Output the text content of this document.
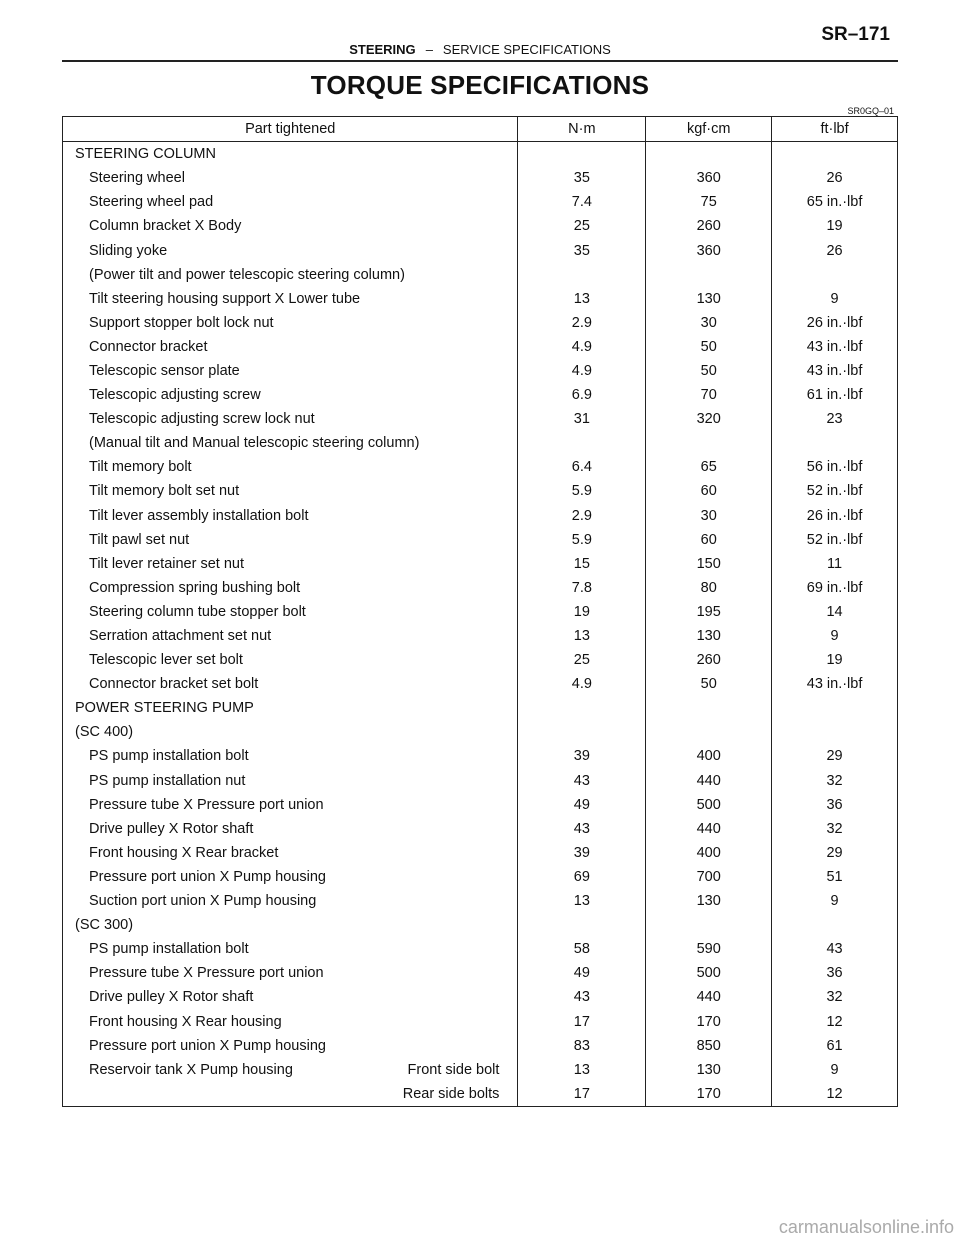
STEERING – SERVICE SPECIFICATIONS
SR–171
TORQUE SPECIFICATIONS
SR0GQ–01
Part tightened	N·m	kgf·cm	ft·lbf
STEERING COLUMN			
Steering wheel	35	360	26
Steering wheel pad	7.4	75	65 in.·lbf
Column bracket X Body	25	260	19
Sliding yoke	35	360	26
(Power tilt and power telescopic steering column)			
Tilt steering housing support X Lower tube	13	130	9
Support stopper bolt lock nut	2.9	30	26 in.·lbf
Connector bracket	4.9	50	43 in.·lbf
Telescopic sensor plate	4.9	50	43 in.·lbf
Telescopic adjusting screw	6.9	70	61 in.·lbf
Telescopic adjusting screw lock nut	31	320	23
(Manual tilt and Manual telescopic steering column)			
Tilt memory bolt	6.4	65	56 in.·lbf
Tilt memory bolt set nut	5.9	60	52 in.·lbf
Tilt lever assembly installation bolt	2.9	30	26 in.·lbf
Tilt pawl set nut	5.9	60	52 in.·lbf
Tilt lever retainer set nut	15	150	11
Compression spring bushing bolt	7.8	80	69 in.·lbf
Steering column tube stopper bolt	19	195	14
Serration attachment set nut	13	130	9
Telescopic lever set bolt	25	260	19
Connector bracket set bolt	4.9	50	43 in.·lbf
POWER STEERING PUMP			
(SC 400)			
PS pump installation bolt	39	400	29
PS pump installation nut	43	440	32
Pressure tube X Pressure port union	49	500	36
Drive pulley X Rotor shaft	43	440	32
Front housing X Rear bracket	39	400	29
Pressure port union X Pump housing	69	700	51
Suction port union X Pump housing	13	130	9
(SC 300)			
PS pump installation bolt	58	590	43
Pressure tube X Pressure port union	49	500	36
Drive pulley X Rotor shaft	43	440	32
Front housing X Rear housing	17	170	12
Pressure port union X Pump housing	83	850	61
Reservoir tank X Pump housing Front side bolt	13	130	9

Rear side bolts	17	170	12
carmanualsonline.info
